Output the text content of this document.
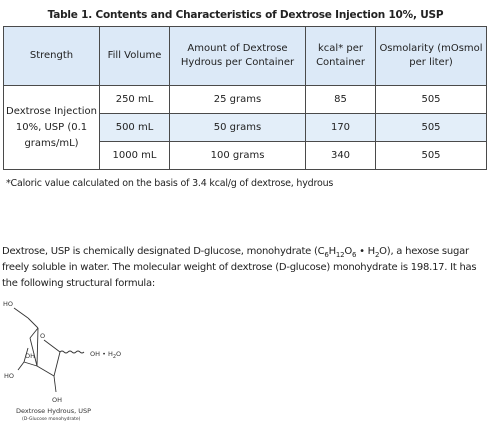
Table 1. Contents and Characteristics of Dextrose Injection 10%, USP
Strength	Fill Volume	Amount of Dextrose Hydrous per Container	kcal* per Container	Osmolarity (mOsmol per liter)
Dextrose Injection 10%, USP (0.1 grams/mL)	250 mL	25 grams	85	505
	500 mL	50 grams	170	505
	1000 mL	100 grams	340	505
*Caloric value calculated on the basis of 3.4 kcal/g of dextrose, hydrous

Dextrose, USP is chemically designated D-glucose, monohydrate ($C_6H_{12}O_6$ • $H_2O$), a hexose sugar freely soluble in water. The molecular weight of dextrose (D-glucose) monohydrate is 198.17. It has the following structural formula:

HO
O
OH
HO
OH
OH • $H_2O$
Dextrose Hydrous, USP
(D-Glucose monohydrate)
